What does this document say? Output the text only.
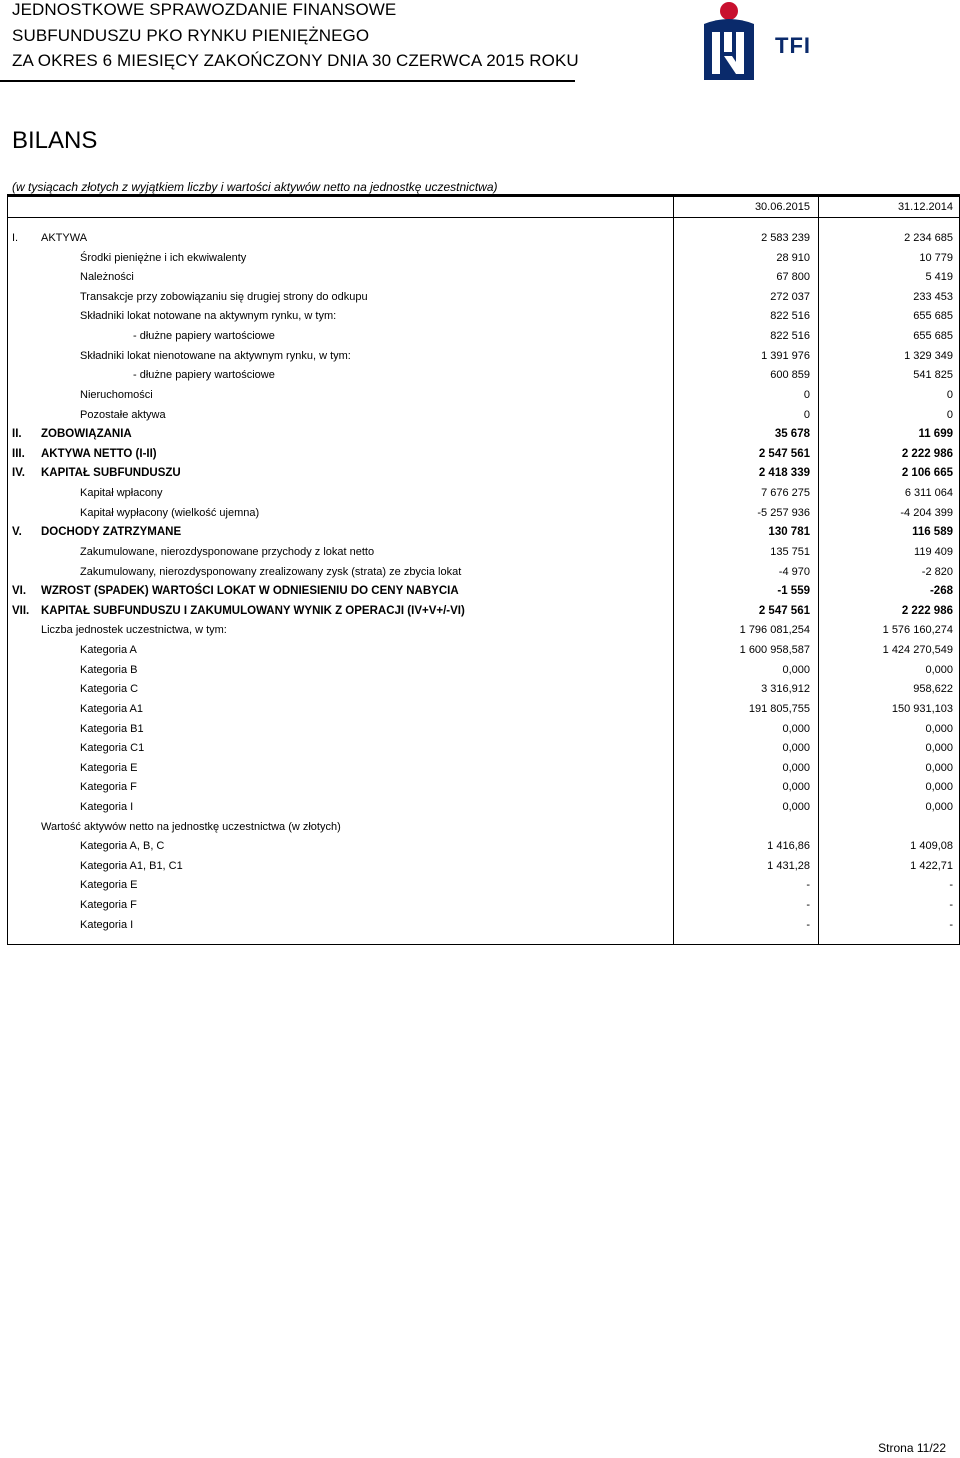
JEDNOSTKOWE SPRAWOZDANIE FINANSOWE
SUBFUNDUSZU PKO RYNKU PIENIĘŻNEGO
ZA OKRES 6 MIESIĘCY ZAKOŃCZONY DNIA 30 CZERWCA 2015 ROKU
TFI
BILANS
(w tysiącach złotych z wyjątkiem liczby i wartości aktywów netto na jednostkę uczestnictwa)
30.06.2015	31.12.2014
I. AKTYWA	2 583 239	2 234 685
Środki pieniężne i ich ekwiwalenty	28 910	10 779
Należności	67 800	5 419
Transakcje przy zobowiązaniu się drugiej strony do odkupu	272 037	233 453
Składniki lokat notowane na aktywnym rynku, w tym:	822 516	655 685
- dłużne papiery wartościowe	822 516	655 685
Składniki lokat nienotowane na aktywnym rynku, w tym:	1 391 976	1 329 349
- dłużne papiery wartościowe	600 859	541 825
Nieruchomości	0	0
Pozostałe aktywa	0	0
II. ZOBOWIĄZANIA	35 678	11 699
III. AKTYWA NETTO (I-II)	2 547 561	2 222 986
IV. KAPITAŁ SUBFUNDUSZU	2 418 339	2 106 665
Kapitał wpłacony	7 676 275	6 311 064
Kapitał wypłacony (wielkość ujemna)	-5 257 936	-4 204 399
V. DOCHODY ZATRZYMANE	130 781	116 589
Zakumulowane, nierozdysponowane przychody z lokat netto	135 751	119 409
Zakumulowany, nierozdysponowany zrealizowany zysk (strata) ze zbycia lokat	-4 970	-2 820
VI. WZROST (SPADEK) WARTOŚCI LOKAT W ODNIESIENIU DO CENY NABYCIA	-1 559	-268
VII. KAPITAŁ SUBFUNDUSZU I ZAKUMULOWANY WYNIK Z OPERACJI (IV+V+/-VI)	2 547 561	2 222 986
Liczba jednostek uczestnictwa, w tym:	1 796 081,254	1 576 160,274
Kategoria A	1 600 958,587	1 424 270,549
Kategoria B	0,000	0,000
Kategoria C	3 316,912	958,622
Kategoria A1	191 805,755	150 931,103
Kategoria B1	0,000	0,000
Kategoria C1	0,000	0,000
Kategoria E	0,000	0,000
Kategoria F	0,000	0,000
Kategoria I	0,000	0,000
Wartość aktywów netto na jednostkę uczestnictwa (w złotych)
Kategoria A, B, C	1 416,86	1 409,08
Kategoria A1, B1, C1	1 431,28	1 422,71
Kategoria E	-	-
Kategoria F	-	-
Kategoria I	-	-
Strona 11/22
